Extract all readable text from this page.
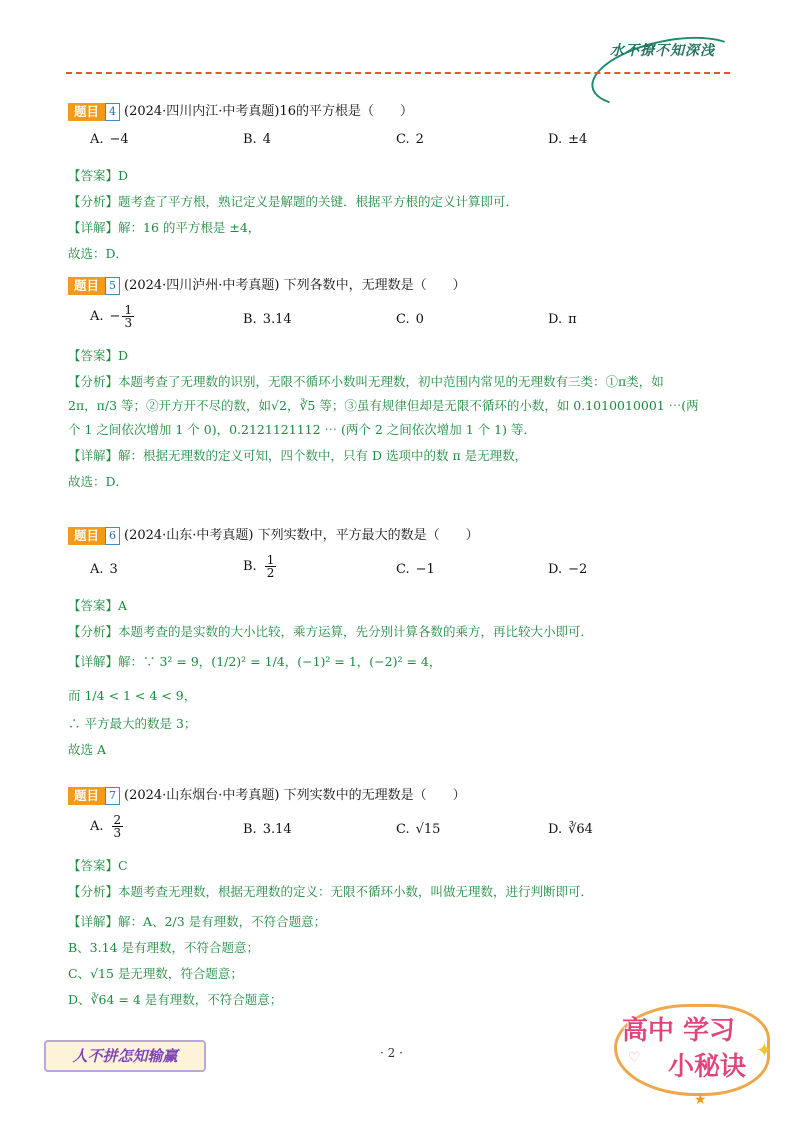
水不撩不知深浅
题目 4 (2024·四川内江·中考真题)16的平方根是（　　）
A. −4	B. 4	C. 2	D. ±4
【答案】D
【分析】题考查了平方根，熟记定义是解题的关键．根据平方根的定义计算即可．
【详解】解：16 的平方根是 ±4，
故选：D．
题目 5 (2024·四川泸州·中考真题) 下列各数中，无理数是（　　）
A. − $\frac{1}{3}$	B. 3.14	C. 0	D. π
【答案】D
【分析】本题考查了无理数的识别，无限不循环小数叫无理数，初中范围内常见的无理数有三类：①π类，如
2π，π/3 等；②开方开不尽的数，如√2，∛5 等；③虽有规律但却是无限不循环的小数，如 0.1010010001 ⋯(两
个 1 之间依次增加 1 个 0)，0.2121121112 ⋯ (两个 2 之间依次增加 1 个 1) 等．
【详解】解：根据无理数的定义可知，四个数中，只有 D 选项中的数 π 是无理数，
故选：D．
题目 6 (2024·山东·中考真题) 下列实数中，平方最大的数是（　　）
A. 3	B. $\frac{1}{2}$	C. −1	D. −2
【答案】A
【分析】本题考查的是实数的大小比较，乘方运算，先分别计算各数的乘方，再比较大小即可．
【详解】解：∵ 3² = 9，(1/2)² = 1/4，(−1)² = 1，(−2)² = 4，
而 1/4 < 1 < 4 < 9，
∴ 平方最大的数是 3；
故选 A
题目 7 (2024·山东烟台·中考真题) 下列实数中的无理数是（　　）
A. $\frac{2}{3}$	B. 3.14	C. √15	D. ∛64
【答案】C
【分析】本题考查无理数，根据无理数的定义：无限不循环小数，叫做无理数，进行判断即可．
【详解】解：A、2/3 是有理数，不符合题意；
B、3.14 是有理数，不符合题意；
C、√15 是无理数，符合题意；
D、∛64 = 4 是有理数，不符合题意；
人不拼怎知输赢	· 2 ·
高中 学习
小秘诀
♡	✦
★
